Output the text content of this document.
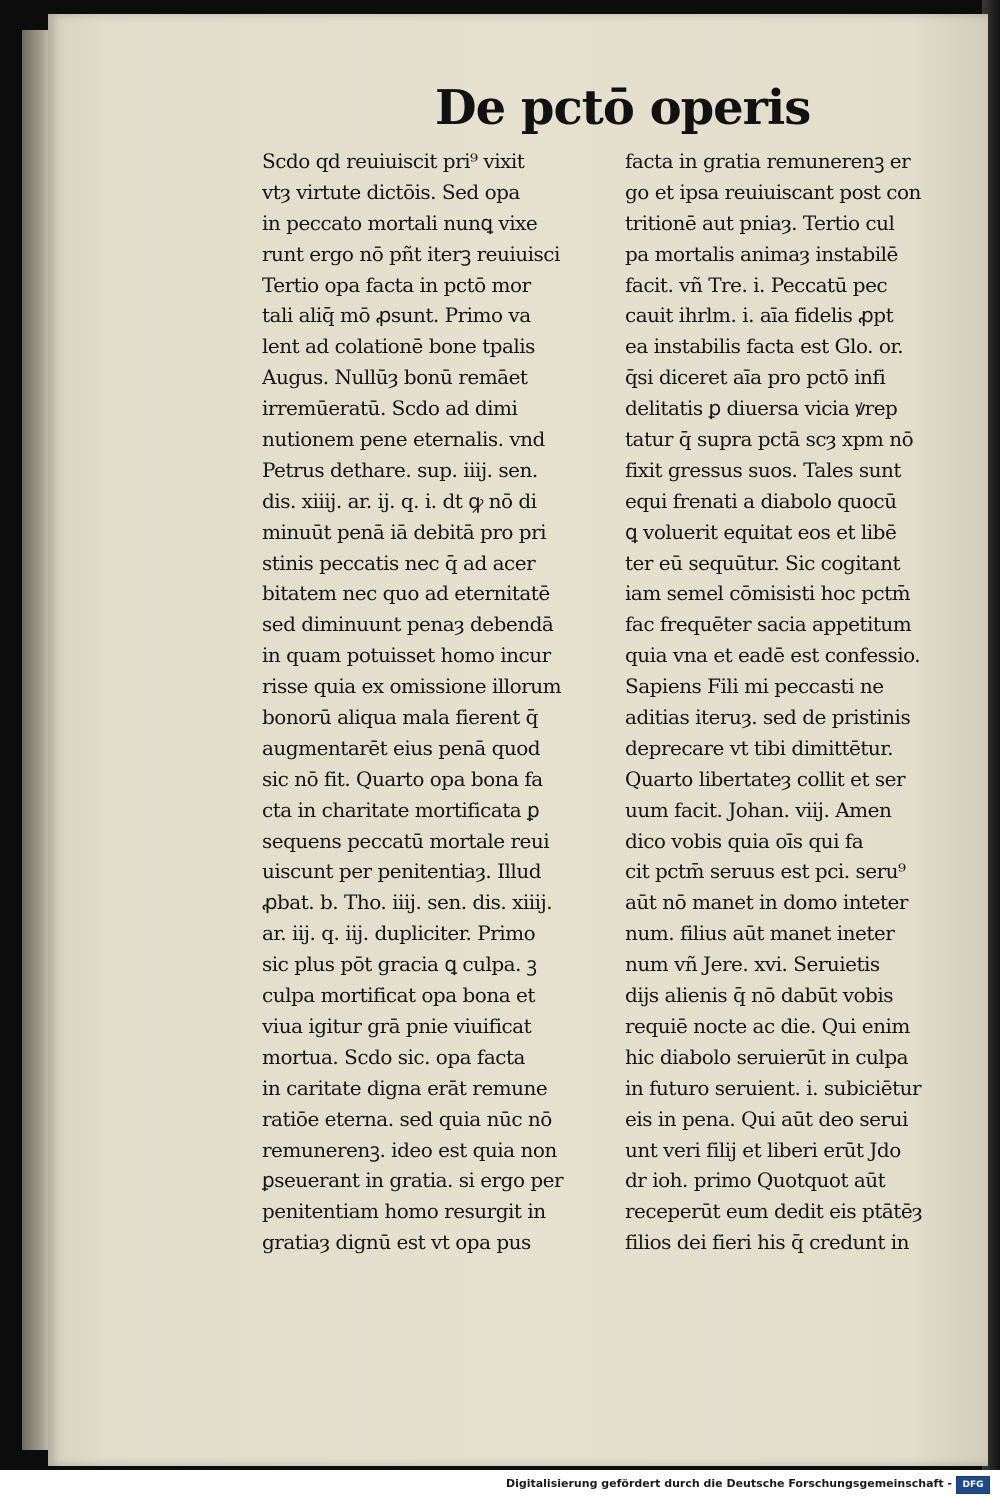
De pctō operis
Scdo qd reuiuiscit pri⁹ vixit
vtȝ virtute dictōis. Sed opa
in peccato mortali nunꝗ vixe
runt ergo nō pñt iterꝫ reuiuisci
Tertio opa facta in pctō mor
tali aliq̄ mō ꝓsunt. Primo va
lent ad colationē bone tpalis
Augus. Nullūȝ bonū remāet
irremūeratū. Scdo ad dimi
nutionem pene eternalis. vnd
Petrus dethare. sup. iiij. sen.
dis. xiiij. ar. ij. q. i. dt ꝙ nō di
minuūt penā iā debitā pro pri
stinis peccatis nec q̄ ad acer
bitatem nec quo ad eternitatē
sed diminuunt penaȝ debendā
in quam potuisset homo incur
risse quia ex omissione illorum
bonorū aliqua mala fierent q̄
augmentarēt eius penā quod
sic nō fit. Quarto opa bona fa
cta in charitate mortificata ꝑ
sequens peccatū mortale reui
uiscunt per penitentiaȝ. Illud
ꝓbat. b. Tho. iiij. sen. dis. xiiij.
ar. iij. q. iij. dupliciter. Primo
sic plus pōt gracia ꝗ culpa. ꝫ
culpa mortificat opa bona et
viua igitur grā pnie viuificat
mortua. Scdo sic. opa facta
in caritate digna erāt remune
ratiōe eterna. sed quia nūc nō
remunerenꝫ. ideo est quia non
ꝑseuerant in gratia. si ergo per
penitentiam homo resurgit in
gratiaȝ dignū est vt opa pus
facta in gratia remunerenꝫ er
go et ipsa reuiuiscant post con
tritionē aut pniaȝ. Tertio cul
pa mortalis animaȝ instabilē
facit. vñ Tre. i. Peccatū pec
cauit ihrlm. i. aīa fidelis ꝓpt
ea instabilis facta est Glo. or.
q̄si diceret aīa pro pctō infi
delitatis ꝑ diuersa vicia ꝟrep
tatur q̄ supra pctā scȝ xpm nō
fixit gressus suos. Tales sunt
equi frenati a diabolo quocū
ꝗ voluerit equitat eos et libē
ter eū sequūtur. Sic cogitant
iam semel cōmisisti hoc pctm̄
fac frequēter sacia appetitum
quia vna et eadē est confessio.
Sapiens Fili mi peccasti ne
aditias iteruȝ. sed de pristinis
deprecare vt tibi dimittētur.
Quarto libertateȝ collit et ser
uum facit. Johan. viij. Amen
dico vobis quia oīs qui fa
cit pctm̄ seruus est pci. seru⁹
aūt nō manet in domo inteter
num. filius aūt manet ineter
num vñ Jere. xvi. Seruietis
dijs alienis q̄ nō dabūt vobis
requiē nocte ac die. Qui enim
hic diabolo seruierūt in culpa
in futuro seruient. i. subiciētur
eis in pena. Qui aūt deo serui
unt veri filij et liberi erūt Jdo
dr ioh. primo Quotquot aūt
receperūt eum dedit eis ptātēȝ
filios dei fieri his q̄ credunt in
Digitalisierung gefördert durch die Deutsche Forschungsgemeinschaft -	DFG
